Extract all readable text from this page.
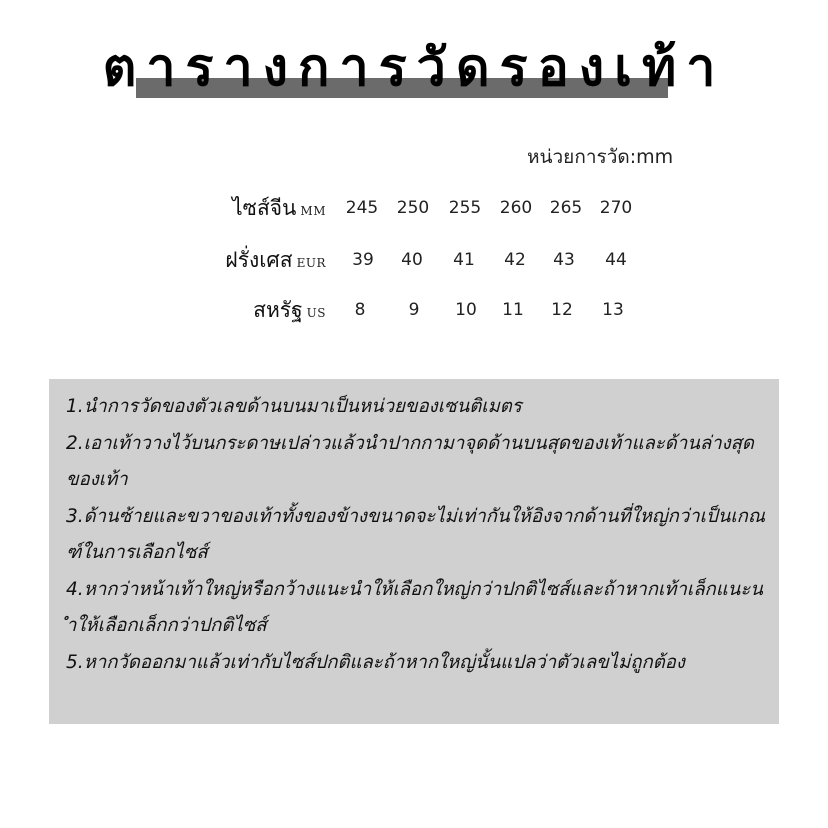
ตารางการวัดรองเท้า
หน่วยการวัด:mm
ไซส์จีน MM	245	250	255	260	265	270
ฝรั่งเศส EUR	39	40	41	42	43	44
สหรัฐ US	8	9	10	11	12	13
1.นำการวัดของตัวเลขด้านบนมาเป็นหน่วยของเซนติเมตร
2.เอาเท้าวางไว้บนกระดาษเปล่าวแล้วนำปากกามาจุดด้านบนสุดของเท้าและด้านล่างสุดของเท้า
3.ด้านซ้ายและขวาของเท้าทั้งของข้างขนาดจะไม่เท่ากันให้อิงจากด้านที่ใหญ่กว่าเป็นเกณฑ์ในการเลือกไซส์
4.หากว่าหน้าเท้าใหญ่หรือกว้างแนะนำให้เลือกใหญ่กว่าปกติไซส์และถ้าหากเท้าเล็กแนะนำให้เลือกเล็กกว่าปกติไซส์
5.หากวัดออกมาแล้วเท่ากับไซส์ปกติและถ้าหากใหญ่นั้นแปลว่าตัวเลขไม่ถูกต้อง
